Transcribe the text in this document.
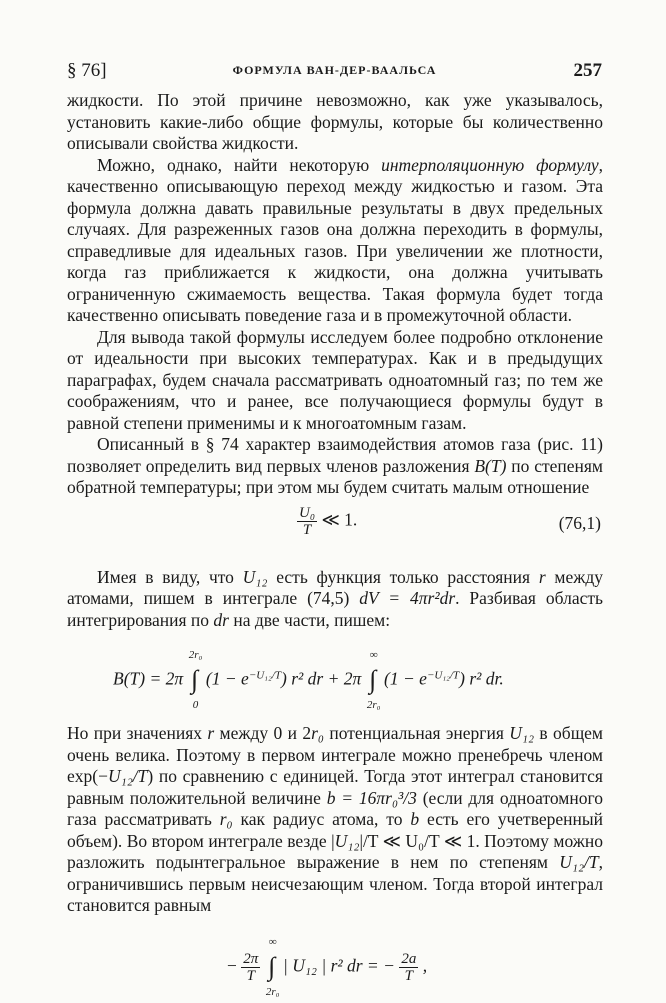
§ 76]	ФОРМУЛА ВАН-ДЕР-ВААЛЬСА	257

жидкости. По этой причине невозможно, как уже указывалось, установить какие-либо общие формулы, которые бы количественно описывали свойства жидкости.

Можно, однако, найти некоторую интерполяционную формулу, качественно описывающую переход между жидкостью и газом. Эта формула должна давать правильные результаты в двух предельных случаях. Для разреженных газов она должна переходить в формулы, справедливые для идеальных газов. При увеличении же плотности, когда газ приближается к жидкости, она должна учитывать ограниченную сжимаемость вещества. Такая формула будет тогда качественно описывать поведение газа и в промежуточной области.

Для вывода такой формулы исследуем более подробно отклонение от идеальности при высоких температурах. Как и в предыдущих параграфах, будем сначала рассматривать одноатомный газ; по тем же соображениям, что и ранее, все получающиеся формулы будут в равной степени применимы и к многоатомным газам.

Описанный в § 74 характер взаимодействия атомов газа (рис. 11) позволяет определить вид первых членов разложения B(T) по степеням обратной температуры; при этом мы будем считать малым отношение

$\frac{\text{U₀}}{T}$ ≪ 1.	(76,1)

Имея в виду, что U₁₂ есть функция только расстояния r между атомами, пишем в интеграле (74,5) dV = 4πr²dr. Разбивая область интегрирования по dr на две части, пишем:

B(T) = 2π
2r₀
∫
0
$(1 - e^{-U_{12}/T})$ r² dr + 2π
∞
∫
2r₀
$(1 - e^{-U_{12}/T})$ r² dr.

Но при значениях r между 0 и 2r₀ потенциальная энергия U₁₂ в общем очень велика. Поэтому в первом интеграле можно пренебречь членом exp(−U₁₂/T) по сравнению с единицей. Тогда этот интеграл становится равным положительной величине b = 16πr₀³/3 (если для одноатомного газа рассматривать r₀ как радиус атома, то b есть его учетверенный объем). Во втором интеграле везде |U₁₂|/T ≪ U₀/T ≪ 1. Поэтому можно разложить подынтегральное выражение в нем по степеням U₁₂/T, ограничившись первым неисчезающим членом. Тогда второй интеграл становится равным

− $\frac{2\pi}{T}$

∞
∫
2r₀
| U₁₂ | r² dr = − $\frac{2a}{T}$ ,
